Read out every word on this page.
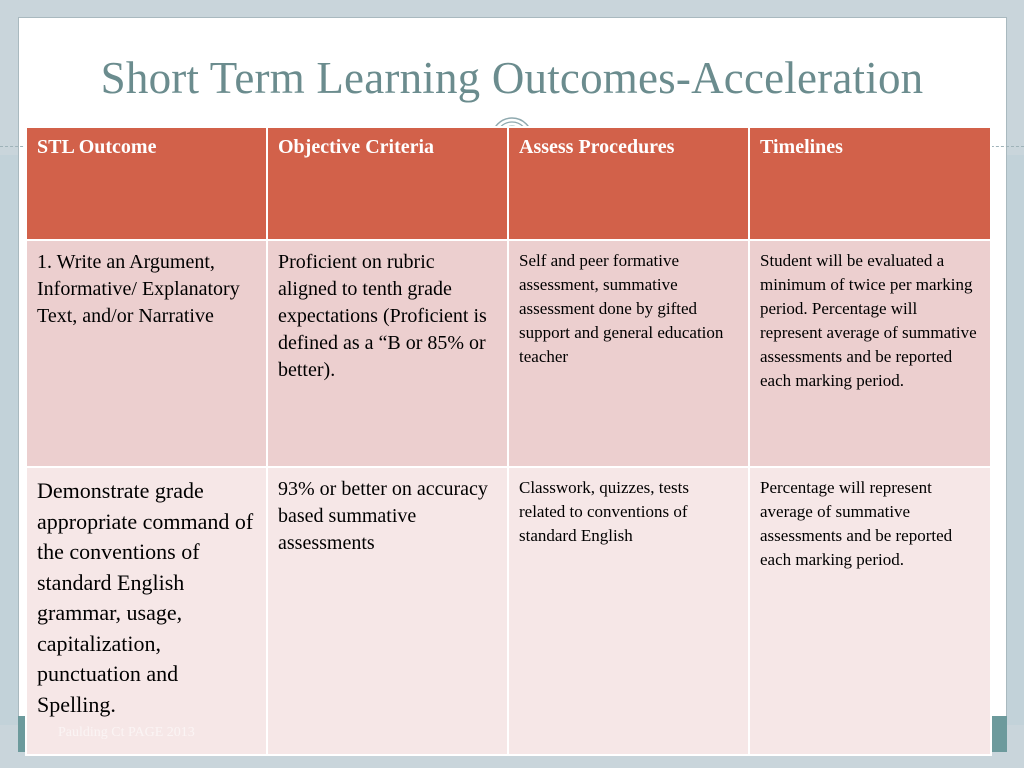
Short Term Learning Outcomes-Acceleration
STL Outcome	Objective Criteria	Assess Procedures	Timelines
1. Write an Argument, Informative/ Explanatory Text, and/or Narrative	Proficient on rubric aligned to tenth grade expectations (Proficient is defined as a “B or 85% or better).	Self and peer formative assessment, summative assessment done by gifted support and general education teacher	Student will be evaluated a minimum of twice per marking period. Percentage will represent average of summative assessments and be reported each marking period.
Demonstrate grade appropriate command of the conventions of standard English grammar, usage, capitalization, punctuation and Spelling.	93% or better on accuracy based summative assessments	Classwork, quizzes, tests related to conventions of standard English	Percentage will represent average of summative assessments and be reported each marking period.
Paulding Ct PAGE 2013
